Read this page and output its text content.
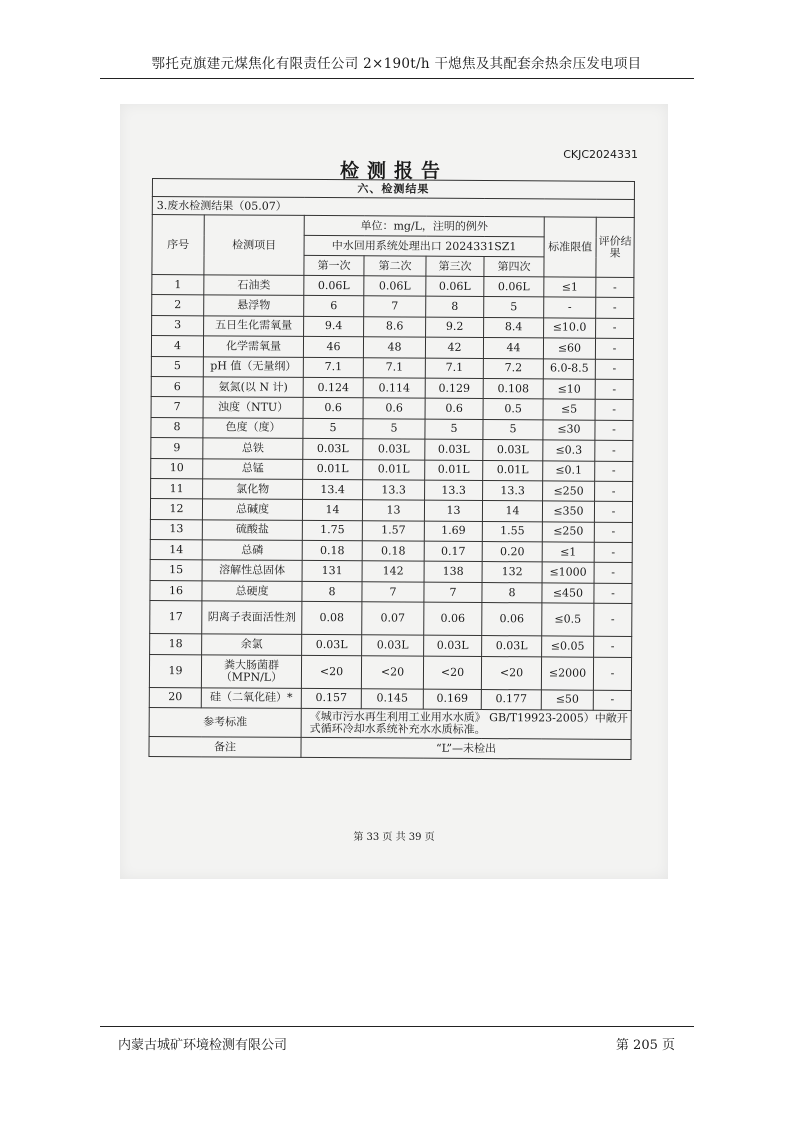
鄂托克旗建元煤焦化有限责任公司 2×190t/h 干熄焦及其配套余热余压发电项目
CKJC2024331
检测报告
六、检测结果							
3.废水检测结果（05.07）							
序号	检测项目	单位：mg/L，注明的例外				标准限值	评价结果
		中水回用系统处理出口 2024331SZ1					
		第一次	第二次	第三次	第四次		
1	石油类	0.06L	0.06L	0.06L	0.06L	≤1	-
2	悬浮物	6	7	8	5	-	-
3	五日生化需氧量	9.4	8.6	9.2	8.4	≤10.0	-
4	化学需氧量	46	48	42	44	≤60	-
5	pH 值（无量纲）	7.1	7.1	7.1	7.2	6.0-8.5	-
6	氨氮(以 N 计)	0.124	0.114	0.129	0.108	≤10	-
7	浊度（NTU）	0.6	0.6	0.6	0.5	≤5	-
8	色度（度）	5	5	5	5	≤30	-
9	总铁	0.03L	0.03L	0.03L	0.03L	≤0.3	-
10	总锰	0.01L	0.01L	0.01L	0.01L	≤0.1	-
11	氯化物	13.4	13.3	13.3	13.3	≤250	-
12	总碱度	14	13	13	14	≤350	-
13	硫酸盐	1.75	1.57	1.69	1.55	≤250	-
14	总磷	0.18	0.18	0.17	0.20	≤1	-
15	溶解性总固体	131	142	138	132	≤1000	-
16	总硬度	8	7	7	8	≤450	-
17	阴离子表面活性剂	0.08	0.07	0.06	0.06	≤0.5	-
18	余氯	0.03L	0.03L	0.03L	0.03L	≤0.05	-
19	粪大肠菌群（MPN/L）	<20	<20	<20	<20	≤2000	-
20	硅（二氧化硅）*	0.157	0.145	0.169	0.177	≤50	-
参考标准		《城市污水再生利用工业用水水质》 GB/T19923-2005）中敞开式循环冷却水系统补充水水质标准。					
备注		“L”—未检出					
第 33 页 共 39 页
内蒙古城矿环境检测有限公司	第 205 页
